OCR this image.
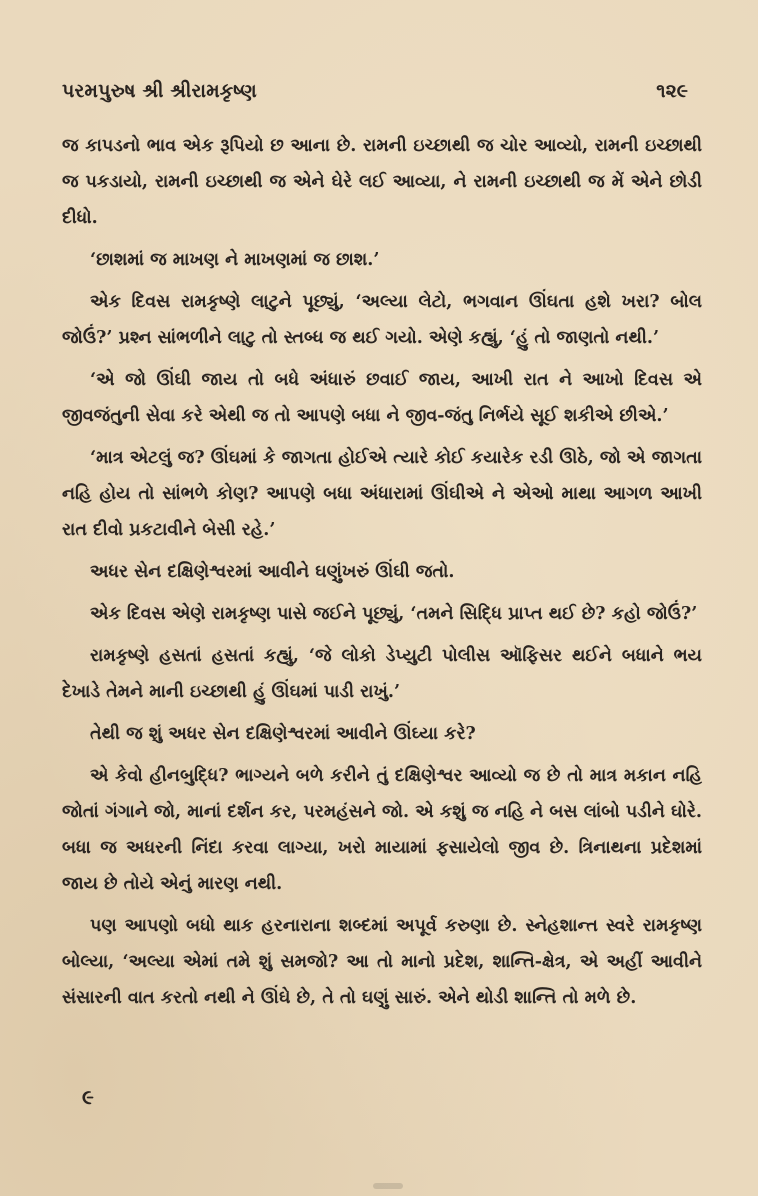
પરમપુરુષ શ્રી શ્રીરામકૃષ્ણ	૧૨૯

જ કાપડનો ભાવ એક રૂપિયો છ આના છે. રામની ઇચ્છાથી જ ચોર આવ્યો, રામની ઇચ્છાથી જ પકડાયો, રામની ઇચ્છાથી જ એને ઘેરે લઈ આવ્યા, ને રામની ઇચ્છાથી જ મેં એને છોડી દીધો.

‘છાશમાં જ માખણ ને માખણમાં જ છાશ.’

એક દિવસ રામકૃષ્ણે લાટુને પૂછ્યું, ‘અલ્યા લેટો, ભગવાન ઊંઘતા હશે ખરા? બોલ જોઉં?’ પ્રશ્ન સાંભળીને લાટુ તો સ્તબ્ધ જ થઈ ગયો. એણે કહ્યું, ‘હું તો જાણતો નથી.’

‘એ જો ઊંઘી જાય તો બધે અંધારું છવાઈ જાય, આખી રાત ને આખો દિવસ એ જીવજંતુની સેવા કરે એથી જ તો આપણે બધા ને જીવ-જંતુ નિર્ભયે સૂઈ શકીએ છીએ.’

‘માત્ર એટલું જ? ઊંઘમાં કે જાગતા હોઈએ ત્યારે કોઈ કયારેક રડી ઊઠે, જો એ જાગતા નહિ હોય તો સાંભળે કોણ? આપણે બધા અંધારામાં ઊંઘીએ ને એઓ માથા આગળ આખી રાત દીવો પ્રકટાવીને બેસી રહે.’

અધર સેન દક્ષિણેશ્વરમાં આવીને ઘણુંખરું ઊંઘી જતો.

એક દિવસ એણે રામકૃષ્ણ પાસે જઈને પૂછ્યું, ‘તમને સિદ્ધિ પ્રાપ્ત થઈ છે? કહો જોઉં?’

રામકૃષ્ણે હસતાં હસતાં કહ્યું, ‘જે લોકો ડેપ્યુટી પોલીસ ઑફિસર થઈને બધાને ભય દેખાડે તેમને માની ઇચ્છાથી હું ઊંઘમાં પાડી રાખું.’

તેથી જ શું અધર સેન દક્ષિણેશ્વરમાં આવીને ઊંઘ્યા કરે?

એ કેવો હીનબુદ્ધિ? ભાગ્યને બળે કરીને તું દક્ષિણેશ્વર આવ્યો જ છે તો માત્ર મકાન નહિ જોતાં ગંગાને જો, માનાં દર્શન કર, પરમહંસને જો. એ કશું જ નહિ ને બસ લાંબો પડીને ઘોરે. બધા જ અધરની નિંદા કરવા લાગ્યા, ખરો માયામાં ફસાયેલો જીવ છે. ત્રિનાથના પ્રદેશમાં જાય છે તોયે એનું મારણ નથી.

પણ આપણો બધો થાક હરનારાના શબ્દમાં અપૂર્વ કરુણા છે. સ્નેહશાન્ત સ્વરે રામકૃષ્ણ બોલ્યા, ‘અલ્યા એમાં તમે શું સમજો? આ તો માનો પ્રદેશ, શાન્તિ-ક્ષેત્ર, એ અહીં આવીને સંસારની વાત કરતો નથી ને ઊંઘે છે, તે તો ઘણું સારું. એને થોડી શાન્તિ તો મળે છે.

૯
